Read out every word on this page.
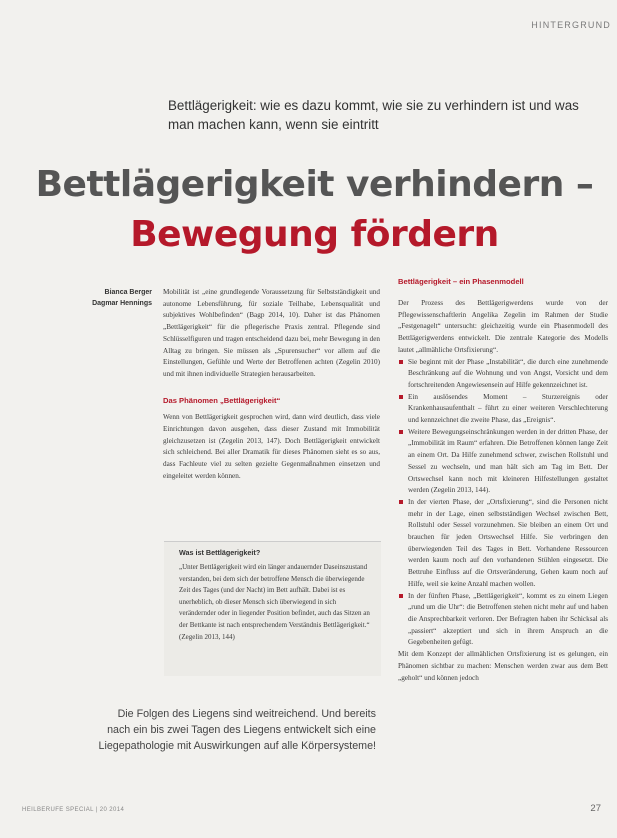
HINTERGRUND
Bettlägerigkeit: wie es dazu kommt, wie sie zu verhindern ist und was man machen kann, wenn sie eintritt
Bettlägerigkeit verhindern –
Bewegung fördern
Bianca Berger
Dagmar Hennings

Mobilität ist „eine grundlegende Voraussetzung für Selbstständigkeit und autonome Lebensführung, für soziale Teilhabe, Lebensqualität und subjektives Wohlbefinden“ (Bagp 2014, 10). Daher ist das Phänomen „Bettlägerigkeit“ für die pflegerische Praxis zentral. Pflegende sind Schlüsselfiguren und tragen entscheidend dazu bei, mehr Bewegung in den Alltag zu bringen. Sie müssen als „Spurensucher“ vor allem auf die Einstellungen, Gefühle und Werte der Betroffenen achten (Zegelin 2010) und mit ihnen individuelle Strategien herausarbeiten.

Das Phänomen „Bettlägerigkeit“

Wenn von Bettlägerigkeit gesprochen wird, dann wird deutlich, dass viele Einrichtungen davon ausgehen, dass dieser Zustand mit Immobilität gleichzusetzen ist (Zegelin 2013, 147). Doch Bettlägerigkeit entwickelt sich schleichend. Bei aller Dramatik für dieses Phänomen sieht es so aus, dass Fachleute viel zu selten gezielte Gegenmaßnahmen einsetzen und eingeleitet werden können.

Was ist Bettlägerigkeit?
„Unter Bettlägerigkeit wird ein länger andauernder Daseinszustand verstanden, bei dem sich der betroffene Mensch die überwiegende Zeit des Tages (und der Nacht) im Bett aufhält. Dabei ist es unerheblich, ob dieser Mensch sich überwiegend in sich verändernder oder in liegender Position befindet, auch das Sitzen an der Bettkante ist nach entsprechendem Verständnis Bettlägerigkeit.“ (Zegelin 2013, 144)
Bettlägerigkeit – ein Phasenmodell

Der Prozess des Bettlägerigwerdens wurde von der Pflegewissenschaftlerin Angelika Zegelin im Rahmen der Studie „Festgenagelt“ untersucht: gleichzeitig wurde ein Phasenmodell des Bettlägerigwerdens entwickelt. Die zentrale Kategorie des Modells lautet „allmähliche Ortsfixierung“.

Sie beginnt mit der Phase „Instabilität“, die durch eine zunehmende Beschränkung auf die Wohnung und von Angst, Vorsicht und dem fortschreitenden Angewiesensein auf Hilfe gekennzeichnet ist.
Ein auslösendes Moment – Sturzereignis oder Krankenhausaufenthalt – führt zu einer weiteren Verschlechterung und kennzeichnet die zweite Phase, das „Ereignis“.
Weitere Bewegungseinschränkungen werden in der dritten Phase, der „Immobilität im Raum“ erfahren. Die Betroffenen können lange Zeit an einem Ort. Da Hilfe zunehmend schwer, zwischen Rollstuhl und Sessel zu wechseln, und man hält sich am Tag im Bett. Der Ortswechsel kann noch mit kleineren Hilfestellungen gestaltet werden (Zegelin 2013, 144).
In der vierten Phase, der „Ortsfixierung“, sind die Personen nicht mehr in der Lage, einen selbstständigen Wechsel zwischen Bett, Rollstuhl oder Sessel vorzunehmen. Sie bleiben an einem Ort und brauchen für jeden Ortswechsel Hilfe. Sie verbringen den überwiegenden Teil des Tages in Bett. Vorhandene Ressourcen werden kaum noch auf den vorhandenen Stühlen eingesetzt. Die Bettruhe Einfluss auf die Ortsveränderung, Gehen kaum noch auf Hilfe, weil sie keine Anzahl machen wollen.
In der fünften Phase, „Bettlägerigkeit“, kommt es zu einem Liegen „rund um die Uhr“: die Betroffenen stehen nicht mehr auf und haben die Ansprechbarkeit verloren. Der Befragten haben ihr Schicksal als „passiert“ akzeptiert und sich in ihrem Anspruch an die Gegebenheiten gefügt.

Mit dem Konzept der allmählichen Ortsfixierung ist es gelungen, ein Phänomen sichtbar zu machen: Menschen werden zwar aus dem Bett „geholt“ und können jedoch

Die Folgen des Liegens sind weitreichend. Und bereits nach ein bis zwei Tagen des Liegens entwickelt sich eine Liegepathologie mit Auswirkungen auf alle Körpersysteme!
HEILBERUFE SPECIAL | 20 2014	27
